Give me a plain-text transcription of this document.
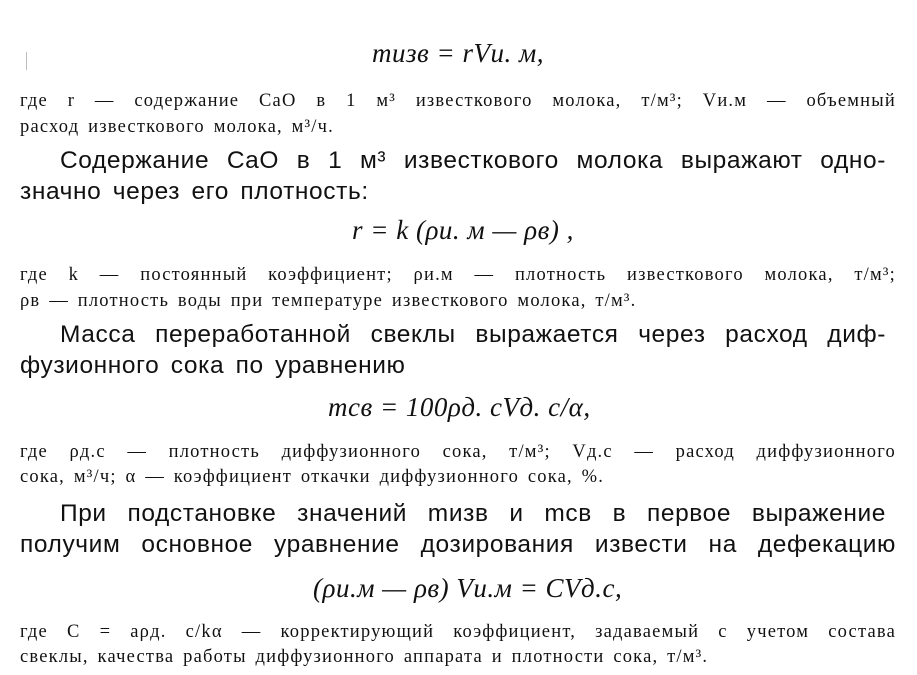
mизв = rVи. м,
где r — содержание CaO в 1 м³ известкового молока, т/м³; Vи.м — объемный
расход известкового молока, м³/ч.
Содержание CaO в 1 м³ известкового молока выражают одно-
значно через его плотность:
r = k (ρи. м — ρв) ,
где k — постоянный коэффициент; ρи.м — плотность известкового молока, т/м³;
ρв — плотность воды при температуре известкового молока, т/м³.
Масса переработанной свеклы выражается через расход диф-
фузионного сока по уравнению
mсв = 100ρд. сVд. с/α,
где ρд.с — плотность диффузионного сока, т/м³; Vд.с — расход диффузионного
сока, м³/ч; α — коэффициент откачки диффузионного сока, %.
При подстановке значений mизв и mсв в первое выражение
получим основное уравнение дозирования извести на дефекацию
(ρи.м — ρв) Vи.м = CVд.с,
где C = aρд. с/kα — корректирующий коэффициент, задаваемый с учетом состава
свеклы, качества работы диффузионного аппарата и плотности сока, т/м³.
